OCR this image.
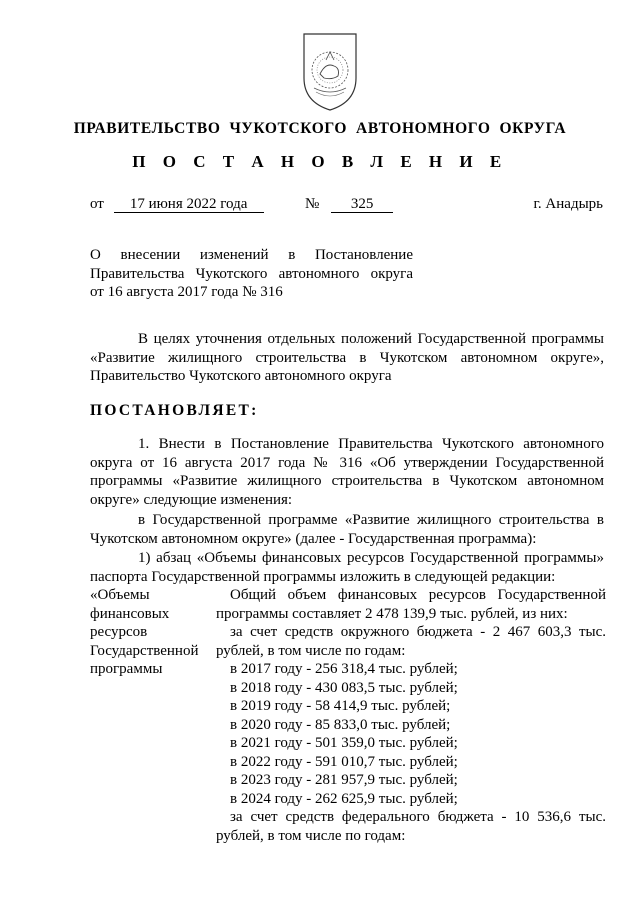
ПРАВИТЕЛЬСТВО  ЧУКОТСКОГО  АВТОНОМНОГО  ОКРУГА
П О С Т А Н О В Л Е Н И Е
от 17 июня 2022 года	№ 325	г. Анадырь
О внесении изменений в Постановление
Правительства Чукотского автономного округа
от 16 августа 2017 года № 316
В целях уточнения отдельных положений Государственной программы
«Развитие жилищного строительства в Чукотском автономном округе»,
Правительство Чукотского автономного округа
ПОСТАНОВЛЯЕТ:
1. Внести в Постановление Правительства Чукотского автономного
округа от 16 августа 2017 года № 316 «Об утверждении Государственной
программы «Развитие жилищного строительства в Чукотском автономном
округе» следующие изменения:
в Государственной программе «Развитие жилищного строительства в
Чукотском автономном округе» (далее - Государственная программа):
1) абзац «Объемы финансовых ресурсов Государственной программы»
паспорта Государственной программы изложить в следующей редакции:
«Объемы
финансовых
ресурсов
Государственной
программы
Общий объем финансовых ресурсов Государственной
программы составляет 2 478 139,9 тыс. рублей, из них:
за счет средств окружного бюджета - 2 467 603,3 тыс.
рублей, в том числе по годам:
в 2017 году - 256 318,4 тыс. рублей;
в 2018 году - 430 083,5 тыс. рублей;
в 2019 году - 58 414,9 тыс. рублей;
в 2020 году - 85 833,0 тыс. рублей;
в 2021 году - 501 359,0 тыс. рублей;
в 2022 году - 591 010,7 тыс. рублей;
в 2023 году - 281 957,9 тыс. рублей;
в 2024 году - 262 625,9 тыс. рублей;
за счет средств федерального бюджета - 10 536,6 тыс.
рублей, в том числе по годам:
